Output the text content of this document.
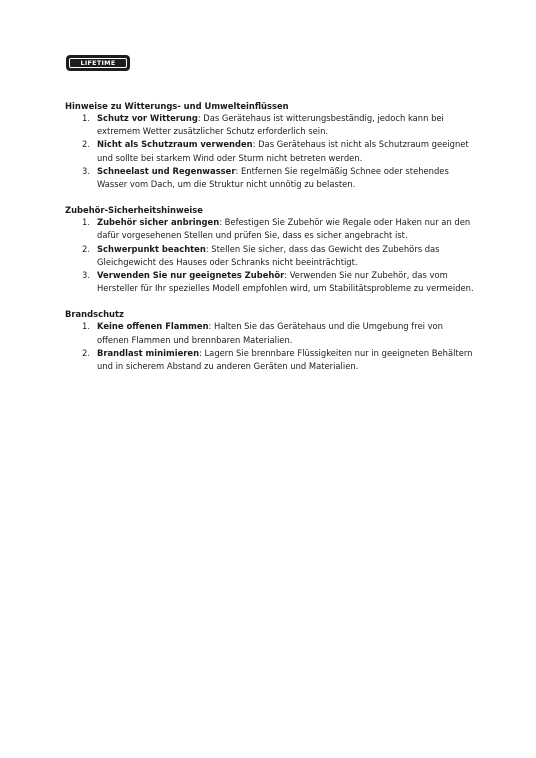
LIFETIME

Hinweise zu Witterungs- und Umwelteinflüssen

1. Schutz vor Witterung: Das Gerätehaus ist witterungsbeständig, jedoch kann bei extremem Wetter zusätzlicher Schutz erforderlich sein.
2. Nicht als Schutzraum verwenden: Das Gerätehaus ist nicht als Schutzraum geeignet und sollte bei starkem Wind oder Sturm nicht betreten werden.
3. Schneelast und Regenwasser: Entfernen Sie regelmäßig Schnee oder stehendes Wasser vom Dach, um die Struktur nicht unnötig zu belasten.

Zubehör-Sicherheitshinweise

1. Zubehör sicher anbringen: Befestigen Sie Zubehör wie Regale oder Haken nur an den dafür vorgesehenen Stellen und prüfen Sie, dass es sicher angebracht ist.
2. Schwerpunkt beachten: Stellen Sie sicher, dass das Gewicht des Zubehörs das Gleichgewicht des Hauses oder Schranks nicht beeinträchtigt.
3. Verwenden Sie nur geeignetes Zubehör: Verwenden Sie nur Zubehör, das vom Hersteller für Ihr spezielles Modell empfohlen wird, um Stabilitätsprobleme zu vermeiden.

Brandschutz

1. Keine offenen Flammen: Halten Sie das Gerätehaus und die Umgebung frei von offenen Flammen und brennbaren Materialien.
2. Brandlast minimieren: Lagern Sie brennbare Flüssigkeiten nur in geeigneten Behältern und in sicherem Abstand zu anderen Geräten und Materialien.
